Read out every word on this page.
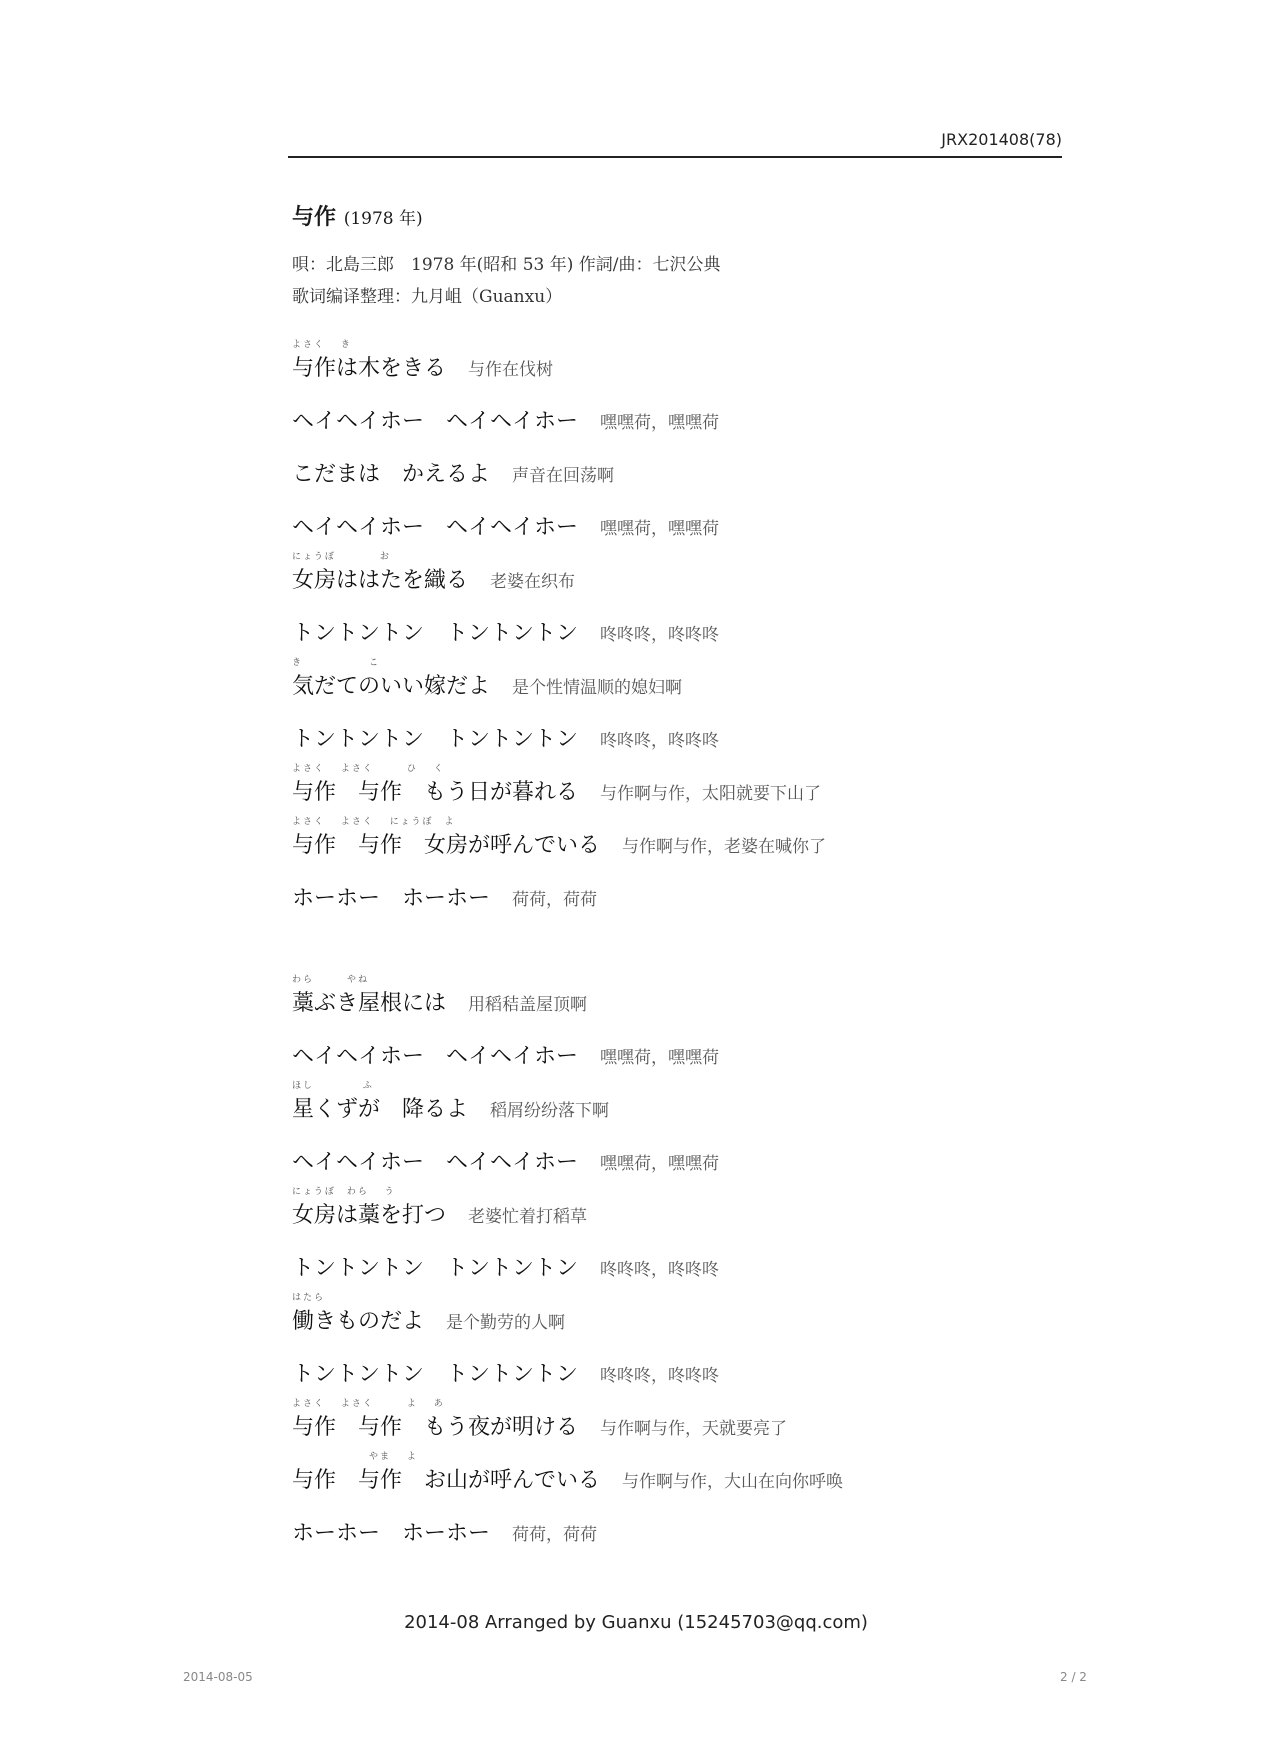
JRX201408(78)
与作 (1978 年)
唄：北島三郎　1978 年(昭和 53 年) 作詞/曲：七沢公典
歌词编译整理：九月岨（Guanxu）
よさく　 き
与作は木をきる 与作在伐树
ヘイヘイホー　ヘイヘイホー 嘿嘿荷，嘿嘿荷
こだまは　かえるよ 声音在回荡啊
ヘイヘイホー　ヘイヘイホー 嘿嘿荷，嘿嘿荷
にょうぼ　　　　お
女房ははたを織る 老婆在织布
トントントン　トントントン 咚咚咚，咚咚咚
き　　　　　　こ
気だてのいい嫁だよ 是个性情温顺的媳妇啊
トントントン　トントントン 咚咚咚，咚咚咚
よさく　 よさく　　　ひ　 く
与作　与作　もう日が暮れる 与作啊与作，太阳就要下山了
よさく　 よさく　 にょうぼ　よ
与作　与作　女房が呼んでいる 与作啊与作，老婆在喊你了
ホーホー　ホーホー 荷荷，荷荷
わら　　　やね
藁ぶき屋根には 用稻秸盖屋顶啊
ヘイヘイホー　ヘイヘイホー 嘿嘿荷，嘿嘿荷
ほし　　　　 ふ
星くずが　降るよ 稻屑纷纷落下啊
ヘイヘイホー　ヘイヘイホー 嘿嘿荷，嘿嘿荷
にょうぼ　わら　 う
女房は藁を打つ 老婆忙着打稻草
トントントン　トントントン 咚咚咚，咚咚咚
はたら
働きものだよ 是个勤劳的人啊
トントントン　トントントン 咚咚咚，咚咚咚
よさく　 よさく　　　よ　 あ
与作　与作　もう夜が明ける 与作啊与作，天就要亮了
　　　　　　　やま　 よ
与作　与作　お山が呼んでいる 与作啊与作，大山在向你呼唤
ホーホー　ホーホー 荷荷，荷荷
2014-08 Arranged by Guanxu (15245703@qq.com)
2014-08-05	2 / 2
